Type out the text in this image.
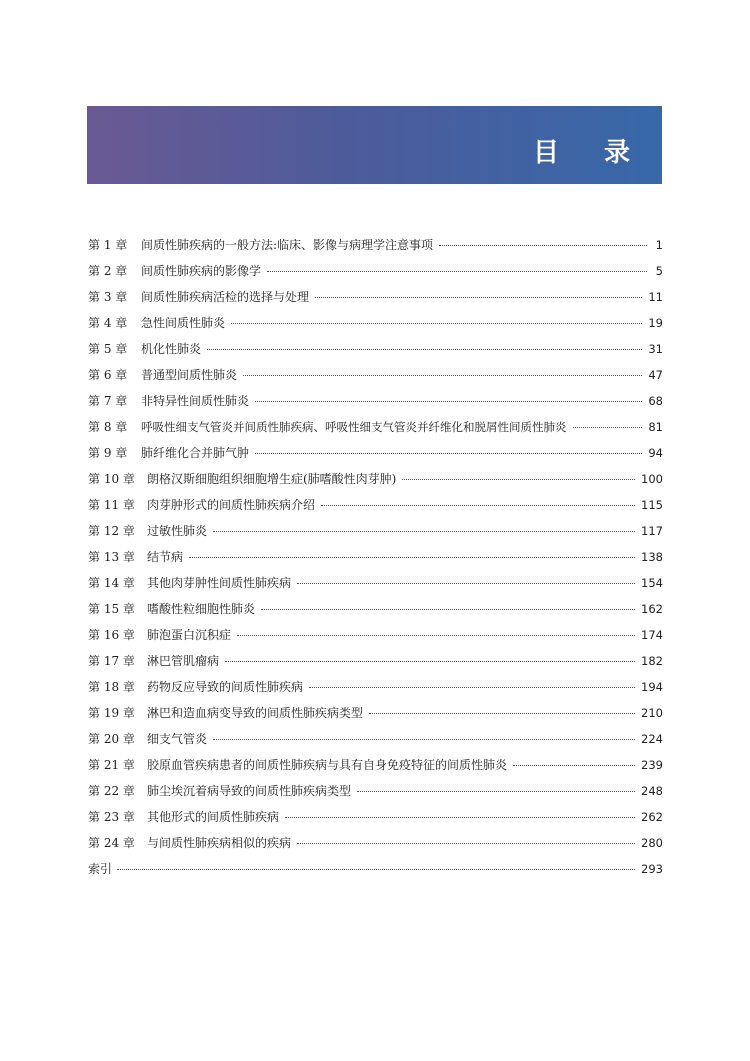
目 录
第 1 章	间质性肺疾病的一般方法:临床、影像与病理学注意事项	1
第 2 章	间质性肺疾病的影像学	5
第 3 章	间质性肺疾病活检的选择与处理	11
第 4 章	急性间质性肺炎	19
第 5 章	机化性肺炎	31
第 6 章	普通型间质性肺炎	47
第 7 章	非特异性间质性肺炎	68
第 8 章	呼吸性细支气管炎并间质性肺疾病、呼吸性细支气管炎并纤维化和脱屑性间质性肺炎	81
第 9 章	肺纤维化合并肺气肿	94
第 10 章	朗格汉斯细胞组织细胞增生症(肺嗜酸性肉芽肿)	100
第 11 章	肉芽肿形式的间质性肺疾病介绍	115
第 12 章	过敏性肺炎	117
第 13 章	结节病	138
第 14 章	其他肉芽肿性间质性肺疾病	154
第 15 章	嗜酸性粒细胞性肺炎	162
第 16 章	肺泡蛋白沉积症	174
第 17 章	淋巴管肌瘤病	182
第 18 章	药物反应导致的间质性肺疾病	194
第 19 章	淋巴和造血病变导致的间质性肺疾病类型	210
第 20 章	细支气管炎	224
第 21 章	胶原血管疾病患者的间质性肺疾病与具有自身免疫特征的间质性肺炎	239
第 22 章	肺尘埃沉着病导致的间质性肺疾病类型	248
第 23 章	其他形式的间质性肺疾病	262
第 24 章	与间质性肺疾病相似的疾病	280
索引	293
